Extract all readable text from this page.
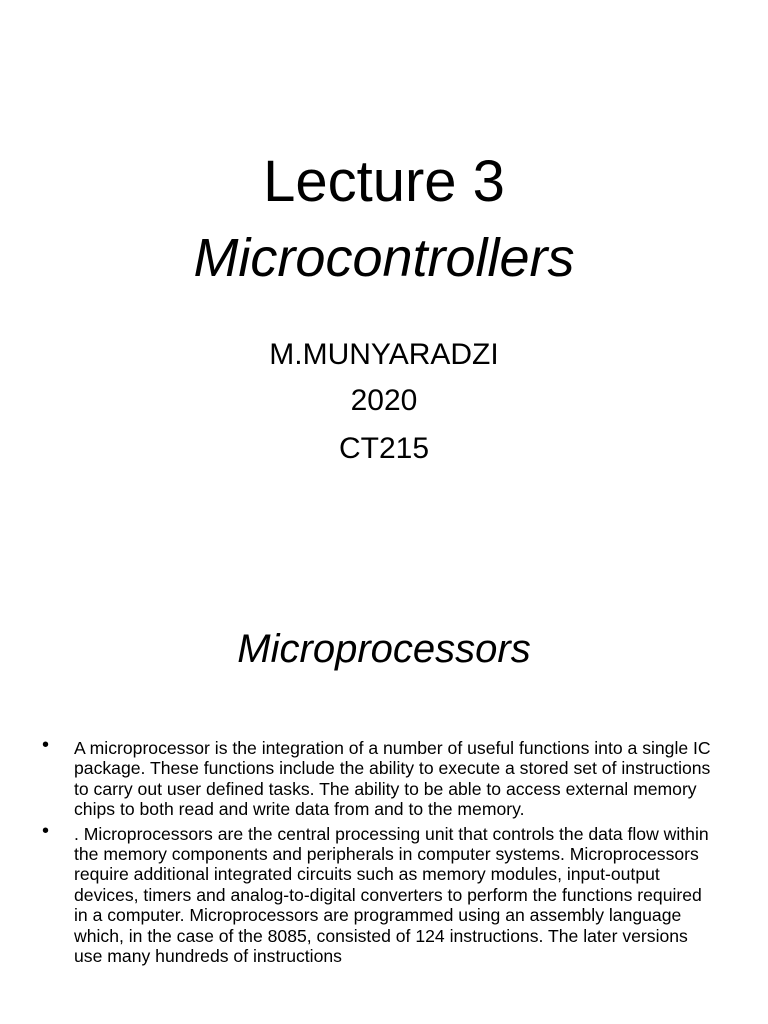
Lecture 3
Microcontrollers
M.MUNYARADZI
2020
CT215
Microprocessors
• A microprocessor is the integration of a number of useful functions into a single IC package. These functions include the ability to execute a stored set of instructions to carry out user defined tasks. The ability to be able to access external memory chips to both read and write data from and to the memory.
• . Microprocessors are the central processing unit that controls the data flow within the memory components and peripherals in computer systems. Microprocessors require additional integrated circuits such as memory modules, input-output devices, timers and analog-to-digital converters to perform the functions required in a computer. Microprocessors are programmed using an assembly language which, in the case of the 8085, consisted of 124 instructions. The later versions use many hundreds of instructions
